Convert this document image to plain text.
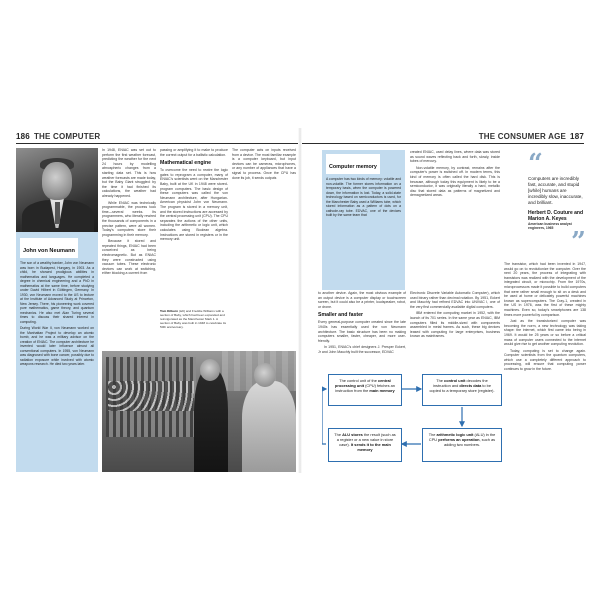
186 THE COMPUTER	THE CONSUMER AGE 187
John von Neumann

The son of a wealthy banker, John von Neumann was born in Budapest, Hungary, in 1903. As a child, he showed prodigious abilities in mathematics and languages. He completed a degree in chemical engineering and a PhD in mathematics at the same time, before studying under David Hilbert in Göttingen, Germany. In 1930, von Neumann moved to the US to lecture at the Institute of Advanced Study at Princeton, New Jersey. There, his pioneering work covered pure mathematics, game theory, and quantum mechanics. He also met Alan Turing several times to discuss their shared interest in computing.

During World War II, von Neumann worked on the Manhattan Project to develop an atomic bomb, and he was a military advisor on the creation of ENIAC. The computer architecture he invented would later influence almost all conventional computers. In 1955, von Neumann was diagnosed with bone cancer, possibly due to radiation exposure while involved with atomic weapons research. He died two years later.

In 1948, ENIAC was set out to perform the first weather forecast, predicting the weather for the next 24 hours by modelling atmospheric changes from a starting data set. This is how weather forecasts are made today, but the Baby Giant struggled: by the time it had finished its calculations, the weather had already happened.

While ENIAC was technically programmable, the process took time—several weeks. Its programmers, who literally rewired the thousands of components in a precise pattern, were all women. Today's computers store their programming in their memory.

Because it stored and repeated things, ENIAC had been conceived as being electromagnetic. But as ENIAC they were constructed using vacuum tubes. These electronic devices can work at switching, either blocking a current from

passing or amplifying it to make to produce the correct output for a ballistic calculation.

Mathematical engine

To overcome the need to rewire the logic gates to reprogram a computer, many of ENIAC's scientists went on the Manchester Baby, built at the UK in 1948 were stored-program computers. The basic design of these computers was called the von Neumann architecture, after Hungarian-American physicist John von Neumann. The program is stored in a memory unit, and the stored instructions are accessed by the central processing unit (CPU). The CPU separates the actions of the other units, including the arithmetic or logic unit, which calculates using Boolean algebra. Instructions are stored in registers or in the memory unit.

The computer acts on inputs received from a device. The most familiar example is a computer keyboard, but input devices can be cameras, microphones, or any number of appliances that have a signal to process. Once the CPU has done its job, it sends outputs

Tom Kilburn (left) and Freddie Williams with a section of Baby, which had been expanded and reinvigorated as the Manchester Mark 1. A section of Baby was built in 1948 to celebrate its 50th anniversary.
Computer memory
A computer has two kinds of memory: volatile and non-volatile. The former stores information on a temporary basis, when the computer is powered down, the information is lost. Today, a solid-state technology based on semiconductors is used, for the Manchester Baby used a Williams tube, which stored information as a pattern of dots on a cathode-ray tube. EDVAC, one of the devices built by the same team that

to another device. Again, the most obvious example of an output device is a computer display or touchscreen screen, but it could also be a printer, loudspeaker, robot, or drone.

Smaller and faster

Every general-purpose computer created since the late 1940s has essentially used the von Neumann architecture. The basic structure has been no making computers smaller, faster, cheaper, and more user-friendly.

In 1951, ENIAC's chief designers J. Presper Eckert, Jr and John Mauchly built the successor, EDVAC

created ENIAC, used delay lines, where data was stored as sound waves reflecting back and forth, slowly, inside tubes of mercury.

Non-volatile memory, by contrast, remains after the computer's power is switched off. In modern terms, this kind of memory is often called the hard disk. This is because, although today this equipment is likely to be a semiconductor, it was originally literally a hard, metallic disc that stored data as patterns of magnetized and demagnetized areas.

Electronic Discrete Variable Automatic Computer), which used binary rather than decimal notation. By 1951, Eckert and Mauchly had refined EDVAC into UNIVAC I, one of the very first commercially available digital computers.

IBM entered the computing market in 1952, with the launch of its 701 series. In the same year as ENIAC, IBM computers filled its middle-sized with components assembled in metal frames. As such, these big devices leased with computing for large enterprises, business known as mainframes.

“
Computers are incredibly fast, accurate, and stupid [while] humans are incredibly slow, inaccurate, and brilliant.
Herbert D. Couture and Marion A. Keyes
American business analyst engineers, 1965 ”

The transistor, which had been invented in 1947, would go on to revolutionize the computer. Over the next 20 years, the process of integrating with transistors was realized with the development of the integrated circuit, or microchip. From the 1970s, microprocessors made it possible to build computers that were rather small enough to sit on a desk and be used at home or delicately powerful machines known as supercomputers. The Cray-1, created in the US in 1976, was the first of these mighty machines. Even so, today's smartphones are 138 times more powerful by comparison.

Just as the transistorized computer was becoming the norm, a new technology was taking shape: the internet, which first came into being in 1969. It would be 25 years or so before a critical mass of computer users connected to the internet would give rise to get another computing revolution.

Today, computing is set to change again. Computer scientists from the quantum computers, which use a completely different approach to processing, will ensure that computing power continues to grow in the future.

The control unit of the central processing unit (CPU) fetches an instruction from the main memory
The control unit decodes the instruction and directs data to be copied to a temporary store (register).
The ALU stores the result (such as a register or a new value in store case). It sends it to the main memory
The arithmetic logic unit (ALU) in the CPU performs an operation, such as adding two numbers.
